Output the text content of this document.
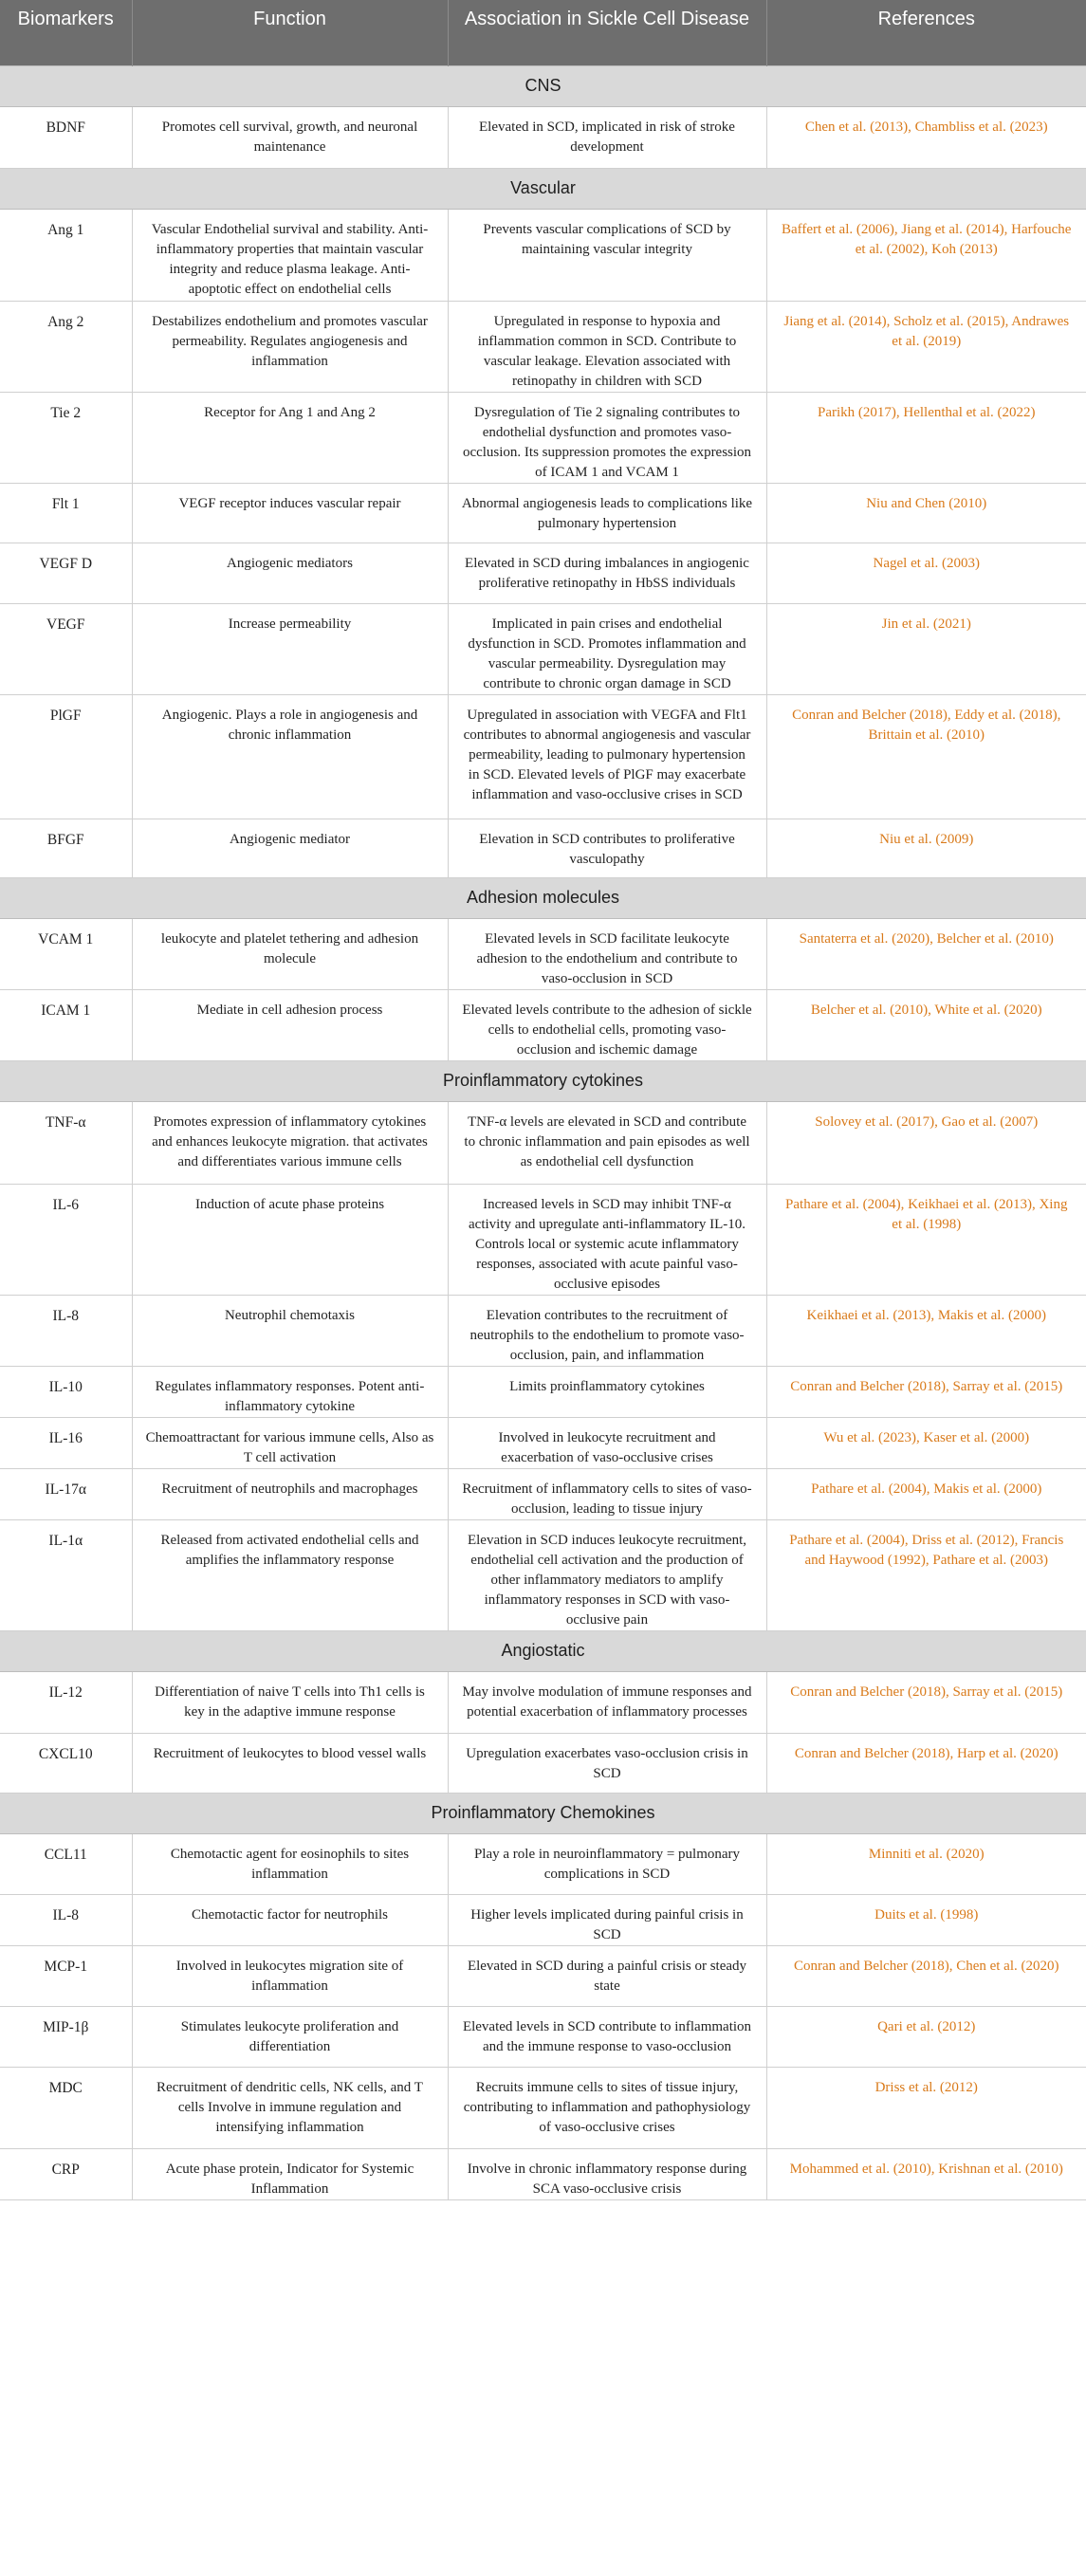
Biomarkers	Function	Association in Sickle Cell Disease	References
CNS			
BDNF	Promotes cell survival, growth, and neuronal maintenance	Elevated in SCD, implicated in risk of stroke development	Chen et al. (2013), Chambliss et al. (2023)
Vascular			
Ang 1	Vascular Endothelial survival and stability. Anti-inflammatory properties that maintain vascular integrity and reduce plasma leakage. Anti-apoptotic effect on endothelial cells	Prevents vascular complications of SCD by maintaining vascular integrity	Baffert et al. (2006), Jiang et al. (2014), Harfouche et al. (2002), Koh (2013)
Ang 2	Destabilizes endothelium and promotes vascular permeability. Regulates angiogenesis and inflammation	Upregulated in response to hypoxia and inflammation common in SCD. Contribute to vascular leakage. Elevation associated with retinopathy in children with SCD	Jiang et al. (2014), Scholz et al. (2015), Andrawes et al. (2019)
Tie 2	Receptor for Ang 1 and Ang 2	Dysregulation of Tie 2 signaling contributes to endothelial dysfunction and promotes vaso-occlusion. Its suppression promotes the expression of ICAM 1 and VCAM 1	Parikh (2017), Hellenthal et al. (2022)
Flt 1	VEGF receptor induces vascular repair	Abnormal angiogenesis leads to complications like pulmonary hypertension	Niu and Chen (2010)
VEGF D	Angiogenic mediators	Elevated in SCD during imbalances in angiogenic proliferative retinopathy in HbSS individuals	Nagel et al. (2003)
VEGF	Increase permeability	Implicated in pain crises and endothelial dysfunction in SCD. Promotes inflammation and vascular permeability. Dysregulation may contribute to chronic organ damage in SCD	Jin et al. (2021)
PlGF	Angiogenic. Plays a role in angiogenesis and chronic inflammation	Upregulated in association with VEGFA and Flt1 contributes to abnormal angiogenesis and vascular permeability, leading to pulmonary hypertension in SCD. Elevated levels of PlGF may exacerbate inflammation and vaso-occlusive crises in SCD	Conran and Belcher (2018), Eddy et al. (2018), Brittain et al. (2010)
BFGF	Angiogenic mediator	Elevation in SCD contributes to proliferative vasculopathy	Niu et al. (2009)
Adhesion molecules			
VCAM 1	leukocyte and platelet tethering and adhesion molecule	Elevated levels in SCD facilitate leukocyte adhesion to the endothelium and contribute to vaso-occlusion in SCD	Santaterra et al. (2020), Belcher et al. (2010)
ICAM 1	Mediate in cell adhesion process	Elevated levels contribute to the adhesion of sickle cells to endothelial cells, promoting vaso-occlusion and ischemic damage	Belcher et al. (2010), White et al. (2020)
Proinflammatory cytokines			
TNF-α	Promotes expression of inflammatory cytokines and enhances leukocyte migration. that activates and differentiates various immune cells	TNF-α levels are elevated in SCD and contribute to chronic inflammation and pain episodes as well as endothelial cell dysfunction	Solovey et al. (2017), Gao et al. (2007)
IL-6	Induction of acute phase proteins	Increased levels in SCD may inhibit TNF-α activity and upregulate anti-inflammatory IL-10. Controls local or systemic acute inflammatory responses, associated with acute painful vaso-occlusive episodes	Pathare et al. (2004), Keikhaei et al. (2013), Xing et al. (1998)
IL-8	Neutrophil chemotaxis	Elevation contributes to the recruitment of neutrophils to the endothelium to promote vaso-occlusion, pain, and inflammation	Keikhaei et al. (2013), Makis et al. (2000)
IL-10	Regulates inflammatory responses. Potent anti-inflammatory cytokine	Limits proinflammatory cytokines	Conran and Belcher (2018), Sarray et al. (2015)
IL-16	Chemoattractant for various immune cells, Also as T cell activation	Involved in leukocyte recruitment and exacerbation of vaso-occlusive crises	Wu et al. (2023), Kaser et al. (2000)
IL-17α	Recruitment of neutrophils and macrophages	Recruitment of inflammatory cells to sites of vaso-occlusion, leading to tissue injury	Pathare et al. (2004), Makis et al. (2000)
IL-1α	Released from activated endothelial cells and amplifies the inflammatory response	Elevation in SCD induces leukocyte recruitment, endothelial cell activation and the production of other inflammatory mediators to amplify inflammatory responses in SCD with vaso-occlusive pain	Pathare et al. (2004), Driss et al. (2012), Francis and Haywood (1992), Pathare et al. (2003)
Angiostatic			
IL-12	Differentiation of naive T cells into Th1 cells is key in the adaptive immune response	May involve modulation of immune responses and potential exacerbation of inflammatory processes	Conran and Belcher (2018), Sarray et al. (2015)
CXCL10	Recruitment of leukocytes to blood vessel walls	Upregulation exacerbates vaso-occlusion crisis in SCD	Conran and Belcher (2018), Harp et al. (2020)
Proinflammatory Chemokines			
CCL11	Chemotactic agent for eosinophils to sites inflammation	Play a role in neuroinflammatory = pulmonary complications in SCD	Minniti et al. (2020)
IL-8	Chemotactic factor for neutrophils	Higher levels implicated during painful crisis in SCD	Duits et al. (1998)
MCP-1	Involved in leukocytes migration site of inflammation	Elevated in SCD during a painful crisis or steady state	Conran and Belcher (2018), Chen et al. (2020)
MIP-1β	Stimulates leukocyte proliferation and differentiation	Elevated levels in SCD contribute to inflammation and the immune response to vaso-occlusion	Qari et al. (2012)
MDC	Recruitment of dendritic cells, NK cells, and T cells Involve in immune regulation and intensifying inflammation	Recruits immune cells to sites of tissue injury, contributing to inflammation and pathophysiology of vaso-occlusive crises	Driss et al. (2012)
CRP	Acute phase protein, Indicator for Systemic Inflammation	Involve in chronic inflammatory response during SCA vaso-occlusive crisis	Mohammed et al. (2010), Krishnan et al. (2010)
